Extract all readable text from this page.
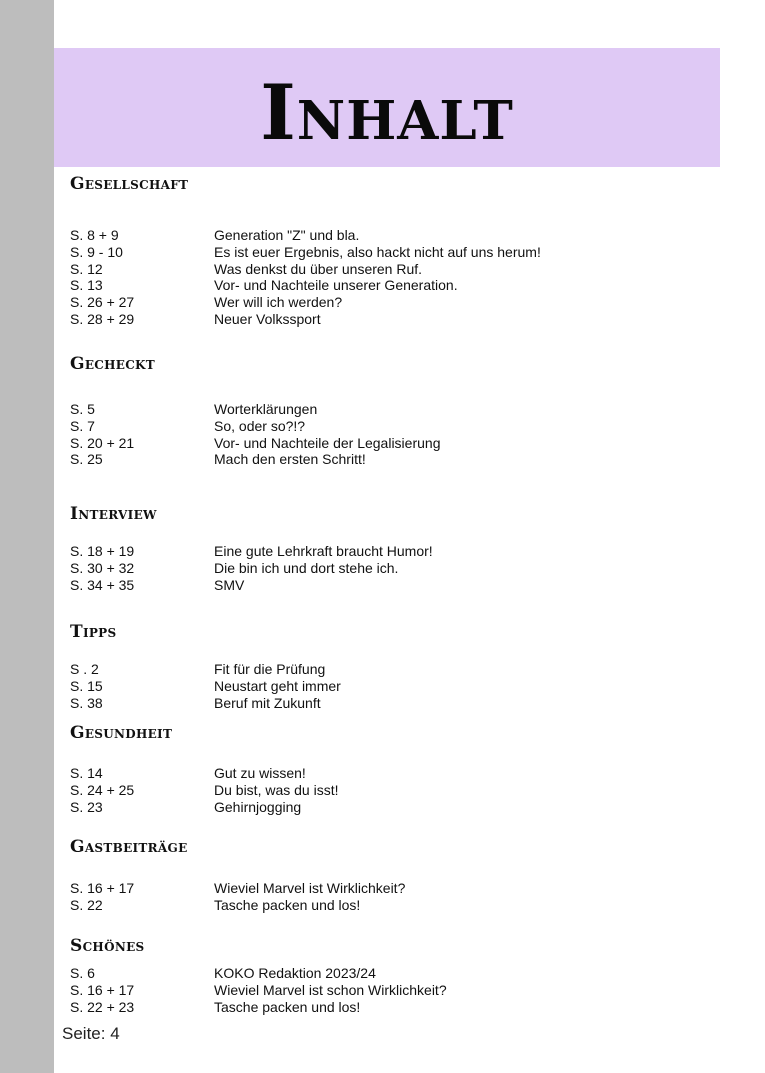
Inhalt
Gesellschaft
S. 8 + 9	Generation "Z" und bla.
S. 9 - 10	Es ist euer Ergebnis, also hackt nicht auf uns herum!
S. 12	Was denkst du über unseren Ruf.
S. 13	Vor- und Nachteile unserer Generation.
S. 26 + 27	Wer will ich werden?
S. 28 + 29	Neuer Volkssport
Gecheckt
S. 5	Worterklärungen
S. 7	So, oder so?!?
S. 20 + 21	Vor- und Nachteile der Legalisierung
S. 25	Mach den ersten Schritt!
Interview
S. 18 + 19	Eine gute Lehrkraft braucht Humor!
S. 30 + 32	Die bin ich und dort stehe ich.
S. 34 + 35	SMV
Tipps
S . 2	Fit für die Prüfung
S. 15	Neustart geht immer
S. 38	Beruf mit Zukunft
Gesundheit
S. 14	Gut zu wissen!
S. 24 + 25	Du bist, was du isst!
S. 23	Gehirnjogging
Gastbeiträge
S. 16 + 17	Wieviel Marvel ist Wirklichkeit?
S. 22	Tasche packen und los!
Schönes
S. 6	KOKO Redaktion 2023/24
S. 16 + 17	Wieviel Marvel ist schon Wirklichkeit?
S. 22 + 23	Tasche packen und los!
Seite: 4
